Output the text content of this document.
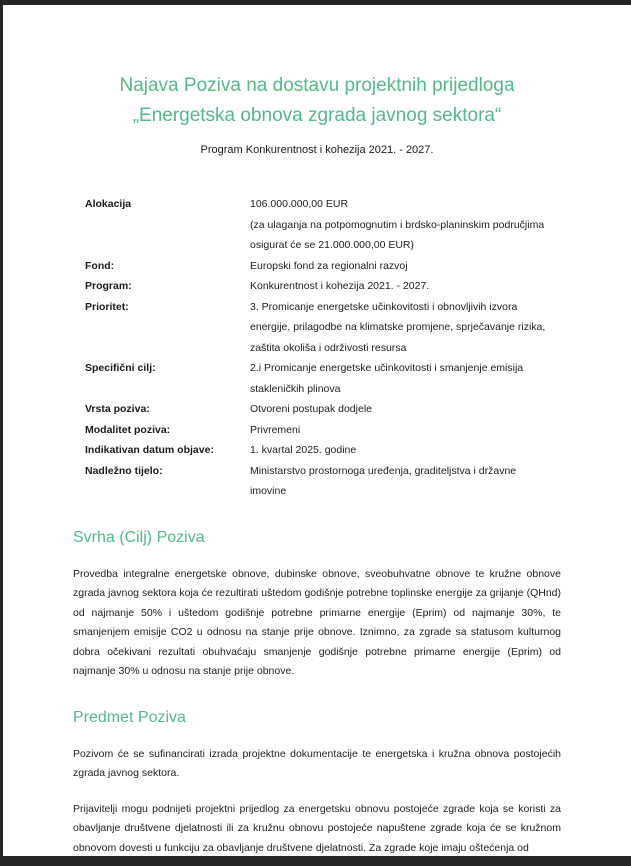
Najava Poziva na dostavu projektnih prijedloga
„Energetska obnova zgrada javnog sektora“
Program Konkurentnost i kohezija 2021. - 2027.
Alokacija	106.000.000,00 EUR
(za ulaganja na potpomognutim i brdsko-planinskim područjima
osigurat će se 21.000.000,00 EUR)
Fond:	Europski fond za regionalni razvoj
Program:	Konkurentnost i kohezija 2021. - 2027.
Prioritet:	3. Promicanje energetske učinkovitosti i obnovljivih izvora
energije, prilagodbe na klimatske promjene, sprječavanje rizika,
zaštita okoliša i održivosti resursa
Specifični cilj:	2.i Promicanje energetske učinkovitosti i smanjenje emisija
stakleničkih plinova
Vrsta poziva:	Otvoreni postupak dodjele
Modalitet poziva:	Privremeni
Indikativan datum objave:	1. kvartal 2025. godine
Nadležno tijelo:	Ministarstvo prostornoga uređenja, graditeljstva i državne
imovine
Svrha (Cilj) Poziva

Provedba integralne energetske obnove, dubinske obnove, sveobuhvatne obnove te kružne obnove zgrada javnog sektora koja će rezultirati uštedom godišnje potrebne toplinske energije za grijanje (QHnd) od najmanje 50% i uštedom godišnje potrebne primarne energije (Eprim) od najmanje 30%, te smanjenjem emisije CO2 u odnosu na stanje prije obnove. Iznimno, za zgrade sa statusom kulturnog dobra očekivani rezultati obuhvaćaju smanjenje godišnje potrebne primarne energije (Eprim) od najmanje 30% u odnosu na stanje prije obnove.

Predmet Poziva

Pozivom će se sufinancirati izrada projektne dokumentacije te energetska i kružna obnova postojećih zgrada javnog sektora.

Prijavitelji mogu podnijeti projektni prijedlog za energetsku obnovu postojeće zgrade koja se koristi za obavljanje društvene djelatnosti ili za kružnu obnovu postojeće napuštene zgrade koja će se kružnom obnovom dovesti u funkciju za obavljanje društvene djelatnosti. Za zgrade koje imaju oštećenja od
